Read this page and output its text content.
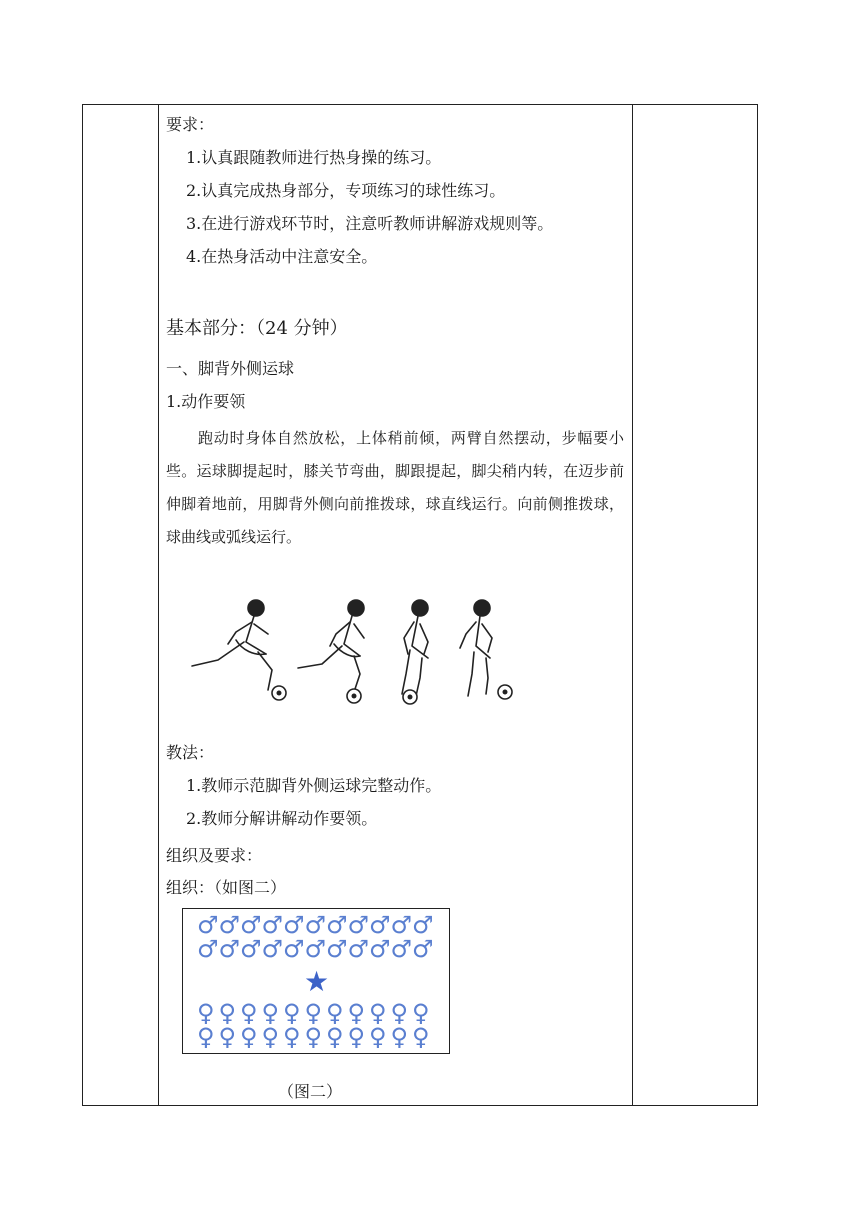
要求：
1.认真跟随教师进行热身操的练习。
2.认真完成热身部分，专项练习的球性练习。
3.在进行游戏环节时，注意听教师讲解游戏规则等。
4.在热身活动中注意安全。
基本部分：（24 分钟）
一、脚背外侧运球
1.动作要领
跑动时身体自然放松，上体稍前倾，两臂自然摆动，步幅要小些。运球脚提起时，膝关节弯曲，脚跟提起，脚尖稍内转，在迈步前伸脚着地前，用脚背外侧向前推拨球，球直线运行。向前侧推拨球，球曲线或弧线运行。
教法：
1.教师示范脚背外侧运球完整动作。
2.教师分解讲解动作要领。
组织及要求：
组织：（如图二）
♂ ♂ ♂ ♂ ♂ ♂ ♂ ♂ ♂ ♂ ♂
♂ ♂ ♂ ♂ ♂ ♂ ♂ ♂ ♂ ♂ ♂
★
♀ ♀ ♀ ♀ ♀ ♀ ♀ ♀ ♀ ♀ ♀
♀ ♀ ♀ ♀ ♀ ♀ ♀ ♀ ♀ ♀ ♀
（图二）
